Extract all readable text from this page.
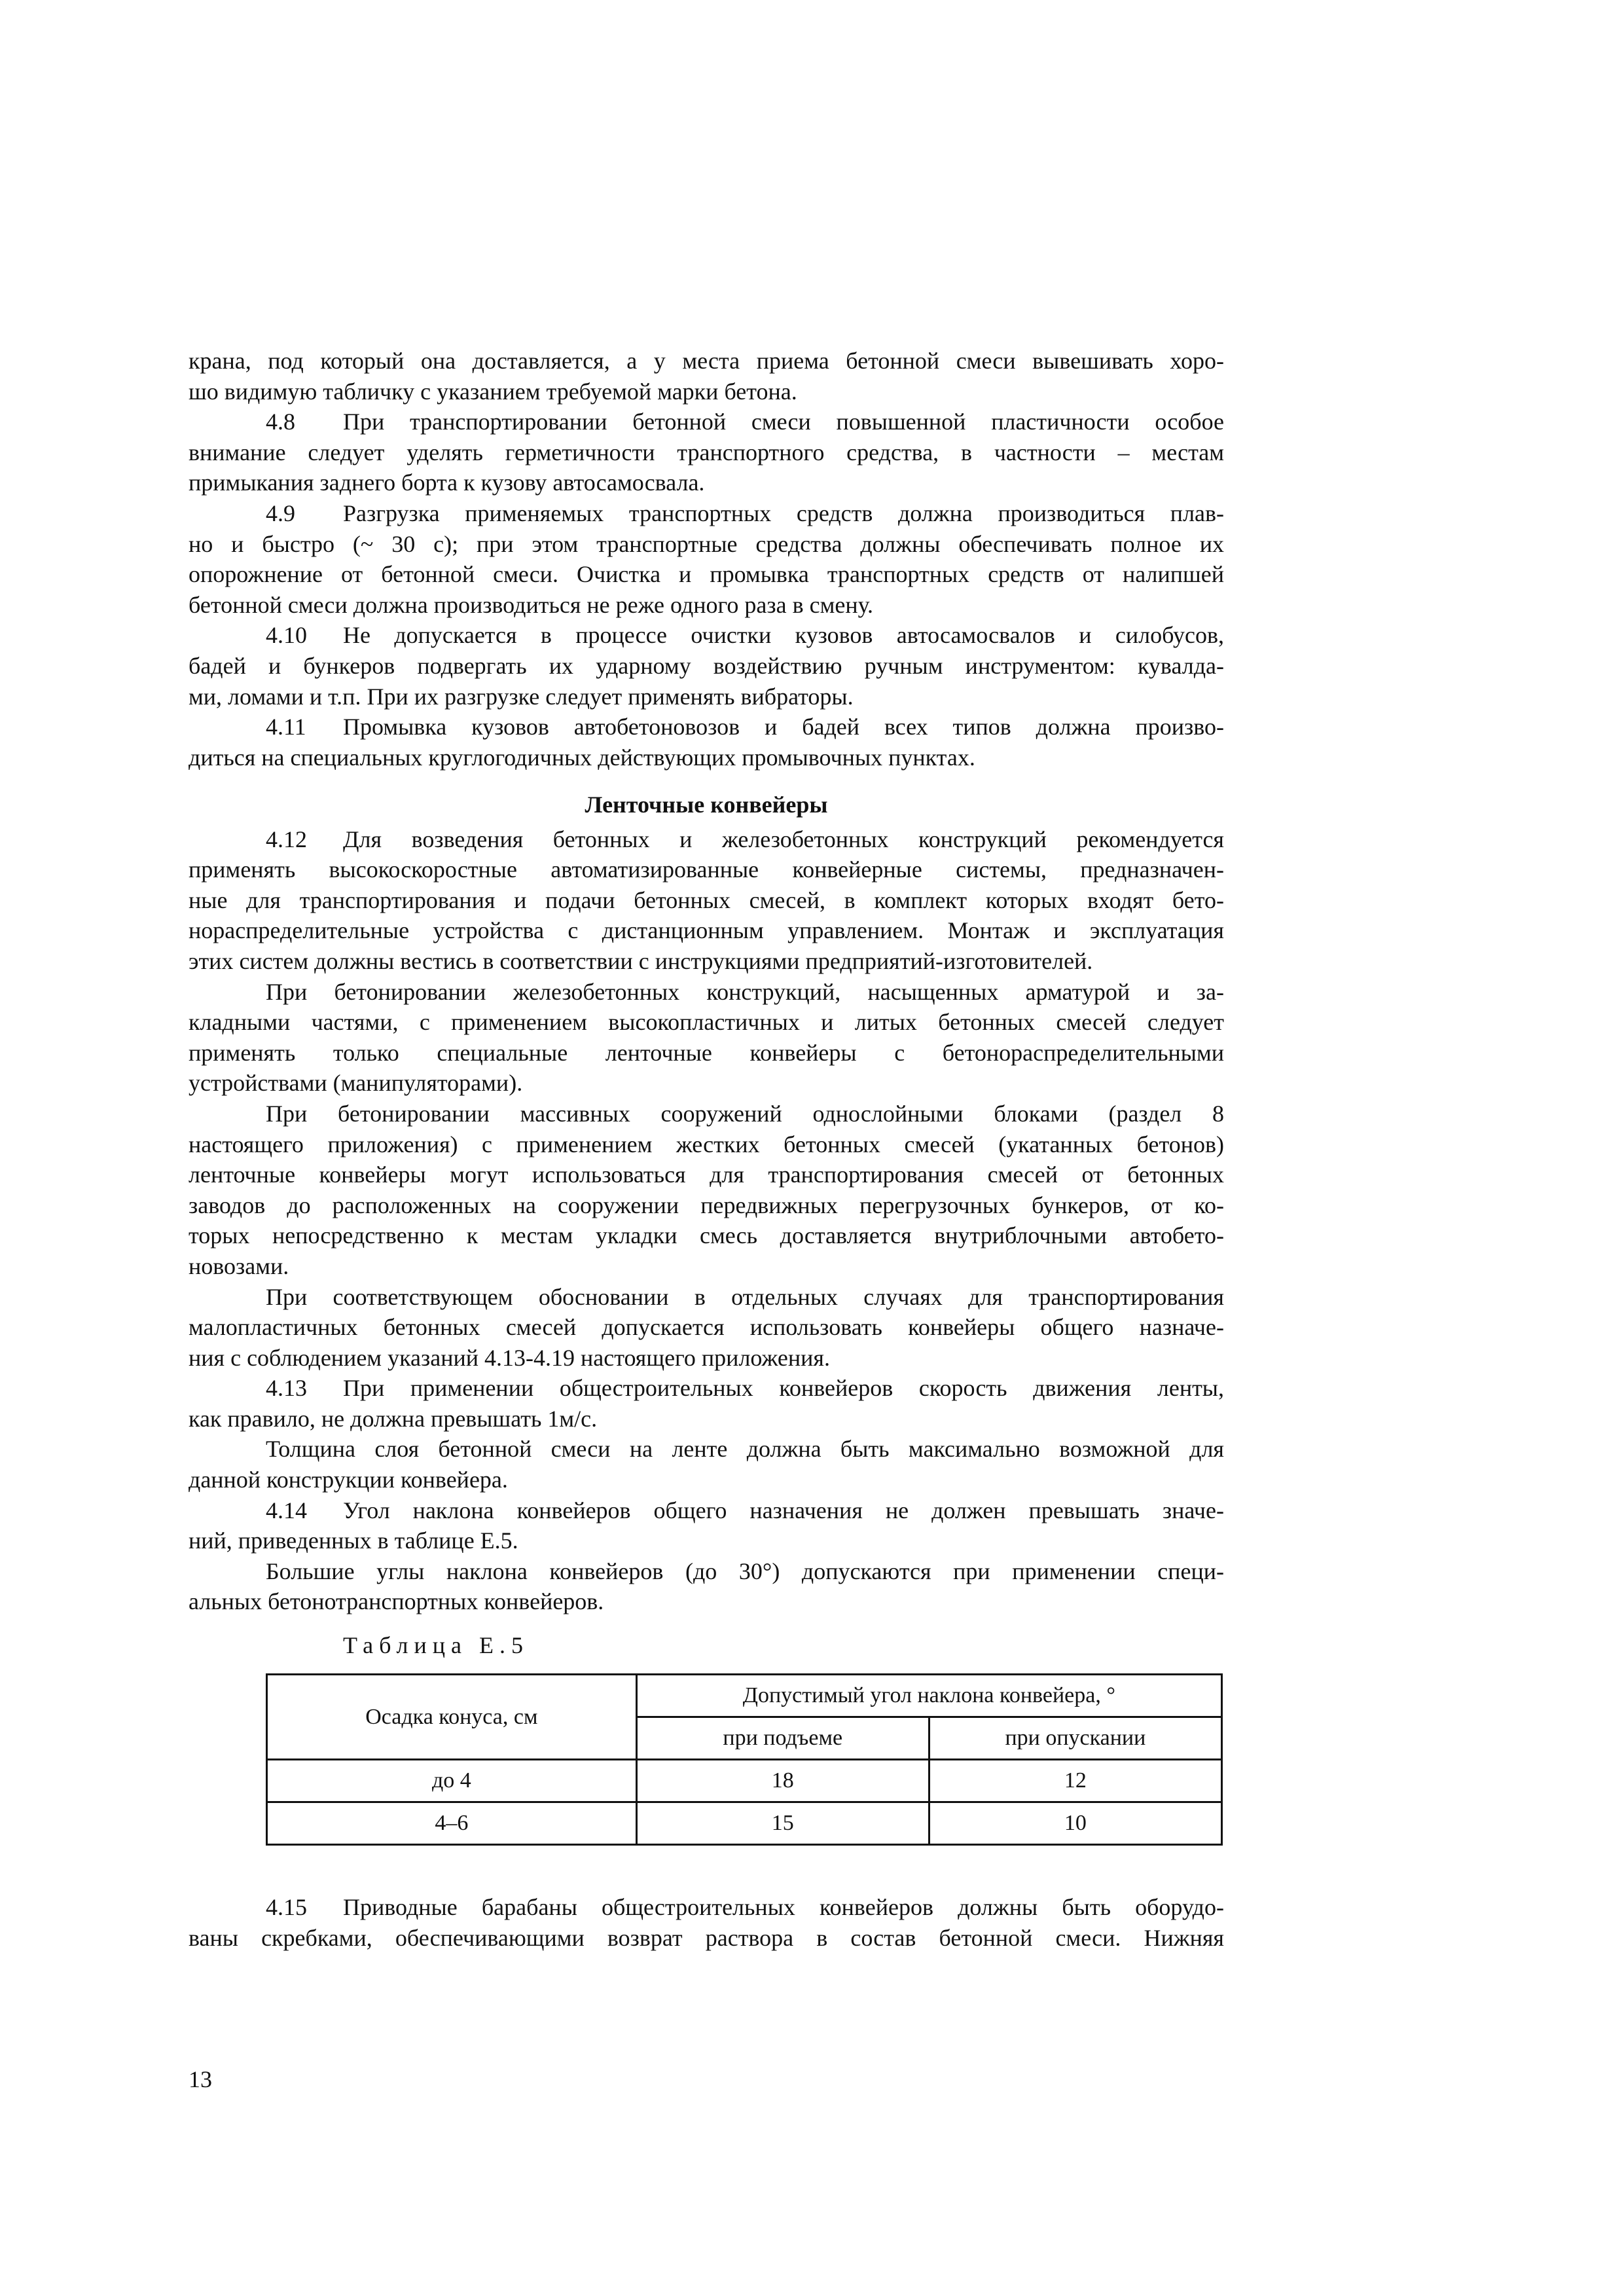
крана, под который она доставляется, а у места приема бетонной смеси вывешивать хоро-
шо видимую табличку с указанием требуемой марки бетона.
4.8 При транспортировании бетонной смеси повышенной пластичности особое
внимание следует уделять герметичности транспортного средства, в частности – местам
примыкания заднего борта к кузову автосамосвала.
4.9 Разгрузка применяемых транспортных средств должна производиться плав-
но и быстро (~ 30 с); при этом транспортные средства должны обеспечивать полное их
опорожнение от бетонной смеси. Очистка и промывка транспортных средств от налипшей
бетонной смеси должна производиться не реже одного раза в смену.
4.10 Не допускается в процессе очистки кузовов автосамосвалов и силобусов,
бадей и бункеров подвергать их ударному воздействию ручным инструментом: кувалда-
ми, ломами и т.п. При их разгрузке следует применять вибраторы.
4.11 Промывка кузовов автобетоновозов и бадей всех типов должна произво-
диться на специальных круглогодичных действующих промывочных пунктах.
Ленточные конвейеры
4.12 Для возведения бетонных и железобетонных конструкций рекомендуется
применять высокоскоростные автоматизированные конвейерные системы, предназначен-
ные для транспортирования и подачи бетонных смесей, в комплект которых входят бето-
нораспределительные устройства с дистанционным управлением. Монтаж и эксплуатация
этих систем должны вестись в соответствии с инструкциями предприятий-изготовителей.
При бетонировании железобетонных конструкций, насыщенных арматурой и за-
кладными частями, с применением высокопластичных и литых бетонных смесей следует
применять только специальные ленточные конвейеры с бетонораспределительными
устройствами (манипуляторами).
При бетонировании массивных сооружений однослойными блоками (раздел 8
настоящего приложения) с применением жестких бетонных смесей (укатанных бетонов)
ленточные конвейеры могут использоваться для транспортирования смесей от бетонных
заводов до расположенных на сооружении передвижных перегрузочных бункеров, от ко-
торых непосредственно к местам укладки смесь доставляется внутриблочными автобето-
новозами.
При соответствующем обосновании в отдельных случаях для транспортирования
малопластичных бетонных смесей допускается использовать конвейеры общего назначе-
ния с соблюдением указаний 4.13-4.19 настоящего приложения.
4.13 При применении общестроительных конвейеров скорость движения ленты,
как правило, не должна превышать 1м/с.
Толщина слоя бетонной смеси на ленте должна быть максимально возможной для
данной конструкции конвейера.
4.14 Угол наклона конвейеров общего назначения не должен превышать значе-
ний, приведенных в таблице Е.5.
Большие углы наклона конвейеров (до 30°) допускаются при применении специ-
альных бетонотранспортных конвейеров.
Таблица Е.5
Осадка конуса, см	Допустимый угол наклона конвейера, °	
	при подъеме	при опускании
до 4	18	12
4–6	15	10
4.15 Приводные барабаны общестроительных конвейеров должны быть оборудо-
ваны скребками, обеспечивающими возврат раствора в состав бетонной смеси. Нижняя
13
